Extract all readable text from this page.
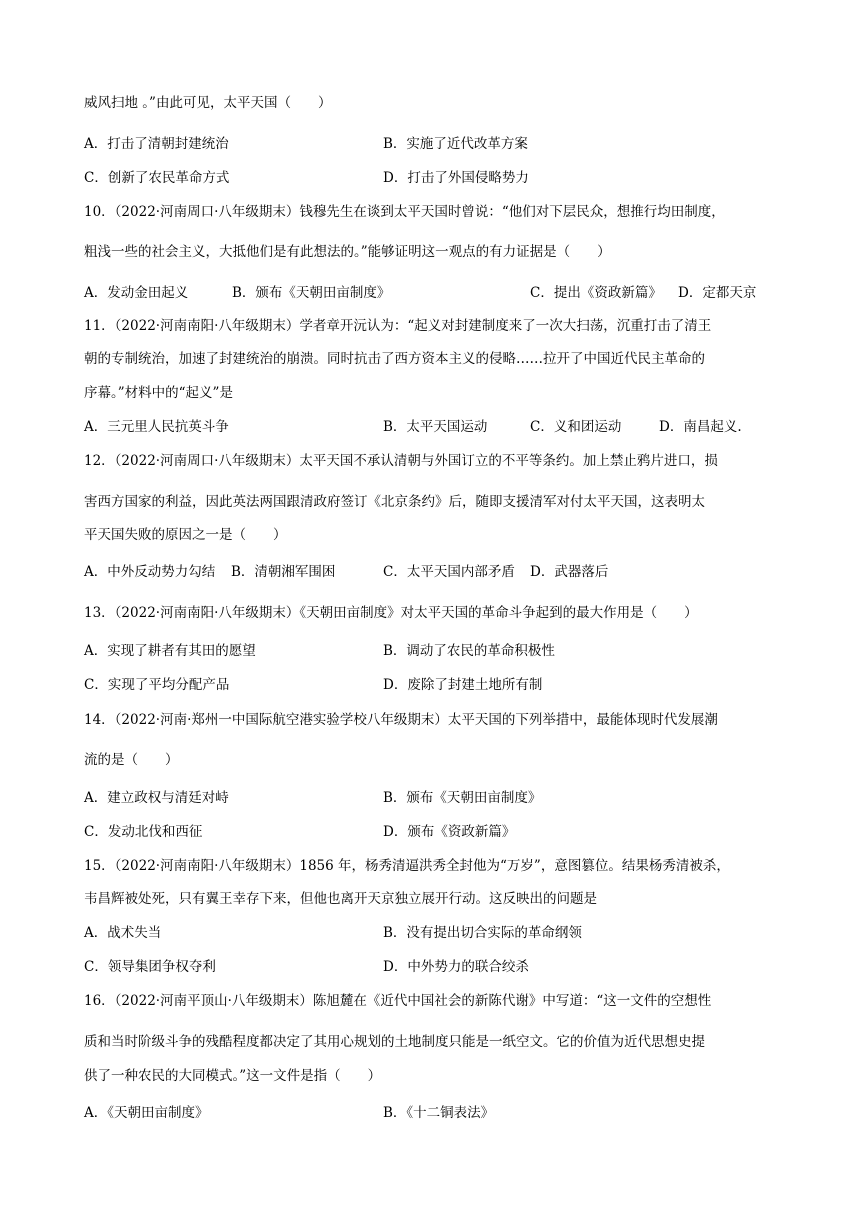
威风扫地 。”由此可见，太平天国（　　）
A．打击了清朝封建统治	B．实施了近代改革方案
C．创新了农民革命方式	D．打击了外国侵略势力
10．（2022·河南周口·八年级期末）钱穆先生在谈到太平天国时曾说：“他们对下层民众，想推行均田制度，
粗浅一些的社会主义，大抵他们是有此想法的。”能够证明这一观点的有力证据是（　　）
A．发动金田起义	B．颁布《天朝田亩制度》	C．提出《资政新篇》 D．定都天京
11．（2022·河南南阳·八年级期末）学者章开沅认为：“起义对封建制度来了一次大扫荡，沉重打击了清王
朝的专制统治，加速了封建统治的崩溃。同时抗击了西方资本主义的侵略……拉开了中国近代民主革命的
序幕。”材料中的“起义”是
A．三元里人民抗英斗争	B．太平天国运动	C．义和团运动	D．南昌起义.
12．（2022·河南周口·八年级期末）太平天国不承认清朝与外国订立的不平等条约。加上禁止鸦片进口，损
害西方国家的利益，因此英法两国跟清政府签订《北京条约》后，随即支援清军对付太平天国，这表明太
平天国失败的原因之一是（　　）
A．中外反动势力勾结 B．清朝湘军围困	C．太平天国内部矛盾 D．武器落后
13．（2022·河南南阳·八年级期末）《天朝田亩制度》对太平天国的革命斗争起到的最大作用是（　　）
A．实现了耕者有其田的愿望	B．调动了农民的革命积极性
C．实现了平均分配产品	D．废除了封建土地所有制
14．（2022·河南·郑州一中国际航空港实验学校八年级期末）太平天国的下列举措中，最能体现时代发展潮
流的是（　　）
A．建立政权与清廷对峙	B．颁布《天朝田亩制度》
C．发动北伐和西征	D．颁布《资政新篇》
15．（2022·河南南阳·八年级期末）1856 年，杨秀清逼洪秀全封他为“万岁”，意图篡位。结果杨秀清被杀，
韦昌辉被处死，只有翼王幸存下来，但他也离开天京独立展开行动。这反映出的问题是
A．战术失当	B．没有提出切合实际的革命纲领
C．领导集团争权夺利	D．中外势力的联合绞杀
16．（2022·河南平顶山·八年级期末）陈旭麓在《近代中国社会的新陈代谢》中写道：“这一文件的空想性
质和当时阶级斗争的残酷程度都决定了其用心规划的土地制度只能是一纸空文。它的价值为近代思想史提
供了一种农民的大同模式。”这一文件是指（　　）
A．《天朝田亩制度》	B．《十二铜表法》
